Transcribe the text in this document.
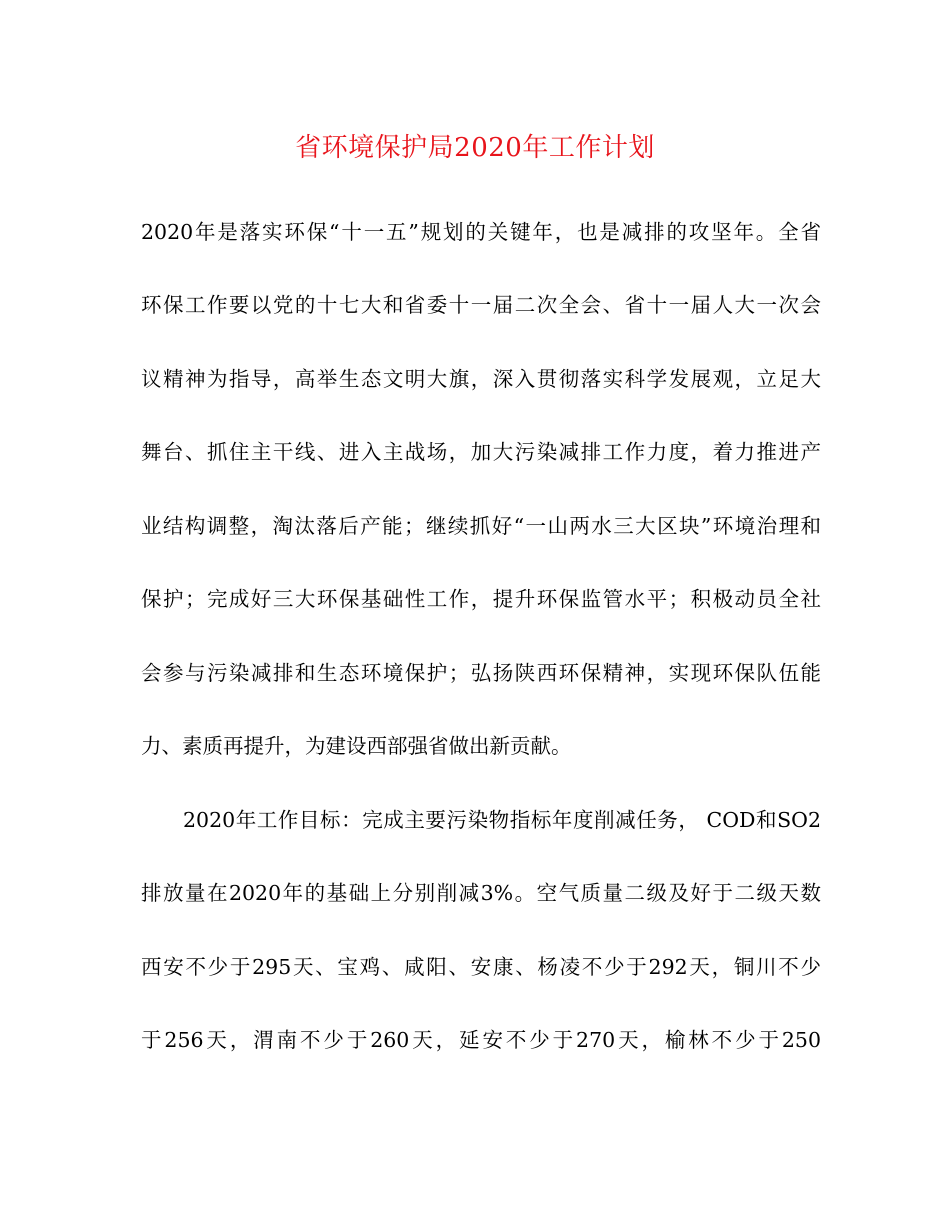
省环境保护局2020年工作计划
2020年是落实环保“十一五”规划的关键年，也是减排的攻坚年。全省
环保工作要以党的十七大和省委十一届二次全会、省十一届人大一次会
议精神为指导，高举生态文明大旗，深入贯彻落实科学发展观，立足大
舞台、抓住主干线、进入主战场，加大污染减排工作力度，着力推进产
业结构调整，淘汰落后产能；继续抓好“一山两水三大区块”环境治理和
保护；完成好三大环保基础性工作，提升环保监管水平；积极动员全社
会参与污染减排和生态环境保护；弘扬陕西环保精神，实现环保队伍能
力、素质再提升，为建设西部强省做出新贡献。
2020年工作目标：完成主要污染物指标年度削减任务， COD和SO2
排放量在2020年的基础上分别削减3%。空气质量二级及好于二级天数
西安不少于295天、宝鸡、咸阳、安康、杨凌不少于292天，铜川不少
于256天，渭南不少于260天，延安不少于270天，榆林不少于250
